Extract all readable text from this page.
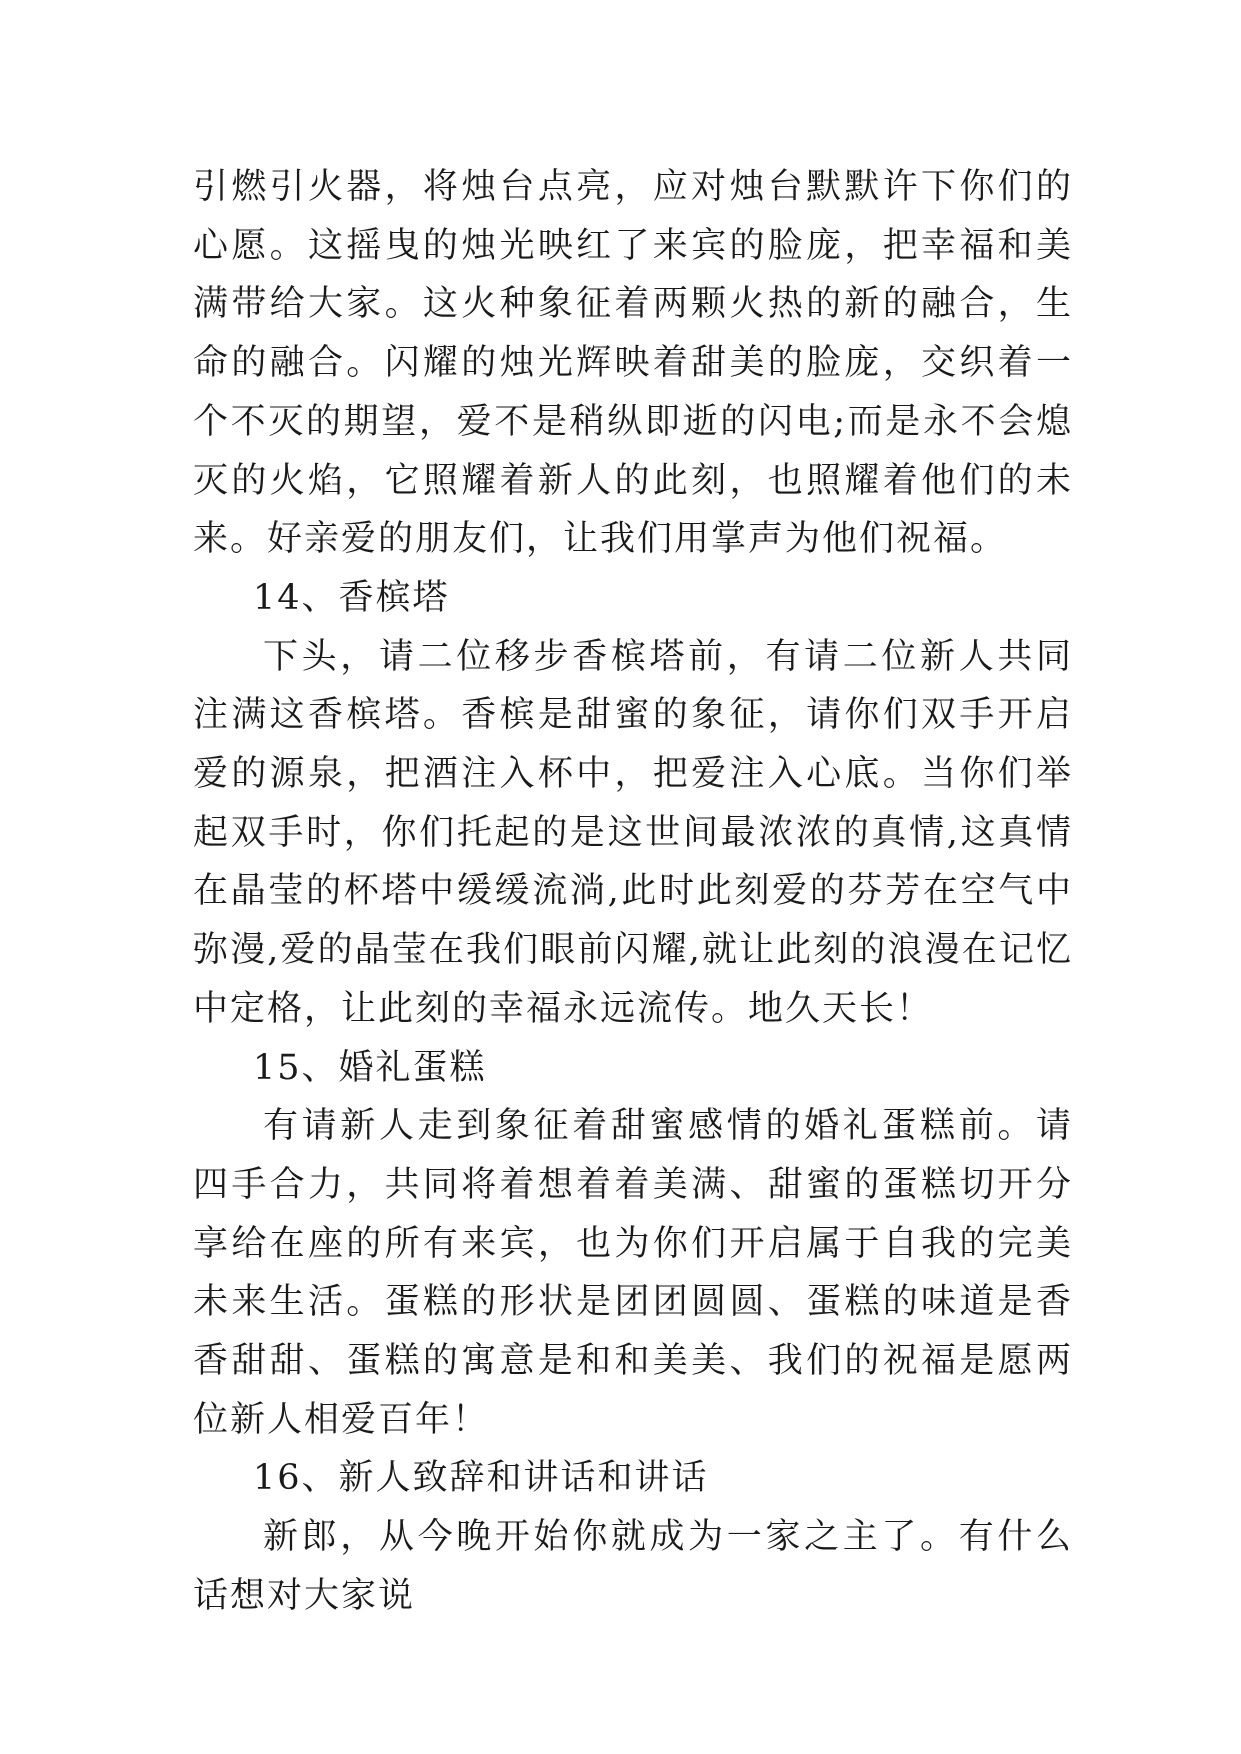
引燃引火器，将烛台点亮，应对烛台默默许下你们的心愿。这摇曳的烛光映红了来宾的脸庞，把幸福和美满带给大家。这火种象征着两颗火热的新的融合，生命的融合。闪耀的烛光辉映着甜美的脸庞，交织着一个不灭的期望，爱不是稍纵即逝的闪电;而是永不会熄灭的火焰，它照耀着新人的此刻，也照耀着他们的未来。好亲爱的朋友们，让我们用掌声为他们祝福。

14、香槟塔

下头，请二位移步香槟塔前，有请二位新人共同注满这香槟塔。香槟是甜蜜的象征，请你们双手开启爱的源泉，把酒注入杯中，把爱注入心底。当你们举起双手时，你们托起的是这世间最浓浓的真情,这真情在晶莹的杯塔中缓缓流淌,此时此刻爱的芬芳在空气中弥漫,爱的晶莹在我们眼前闪耀,就让此刻的浪漫在记忆中定格，让此刻的幸福永远流传。地久天长！

15、婚礼蛋糕

有请新人走到象征着甜蜜感情的婚礼蛋糕前。请四手合力，共同将着想着着美满、甜蜜的蛋糕切开分享给在座的所有来宾，也为你们开启属于自我的完美未来生活。蛋糕的形状是团团圆圆、蛋糕的味道是香香甜甜、蛋糕的寓意是和和美美、我们的祝福是愿两位新人相爱百年！

16、新人致辞和讲话和讲话

新郎，从今晚开始你就成为一家之主了。有什么话想对大家说
